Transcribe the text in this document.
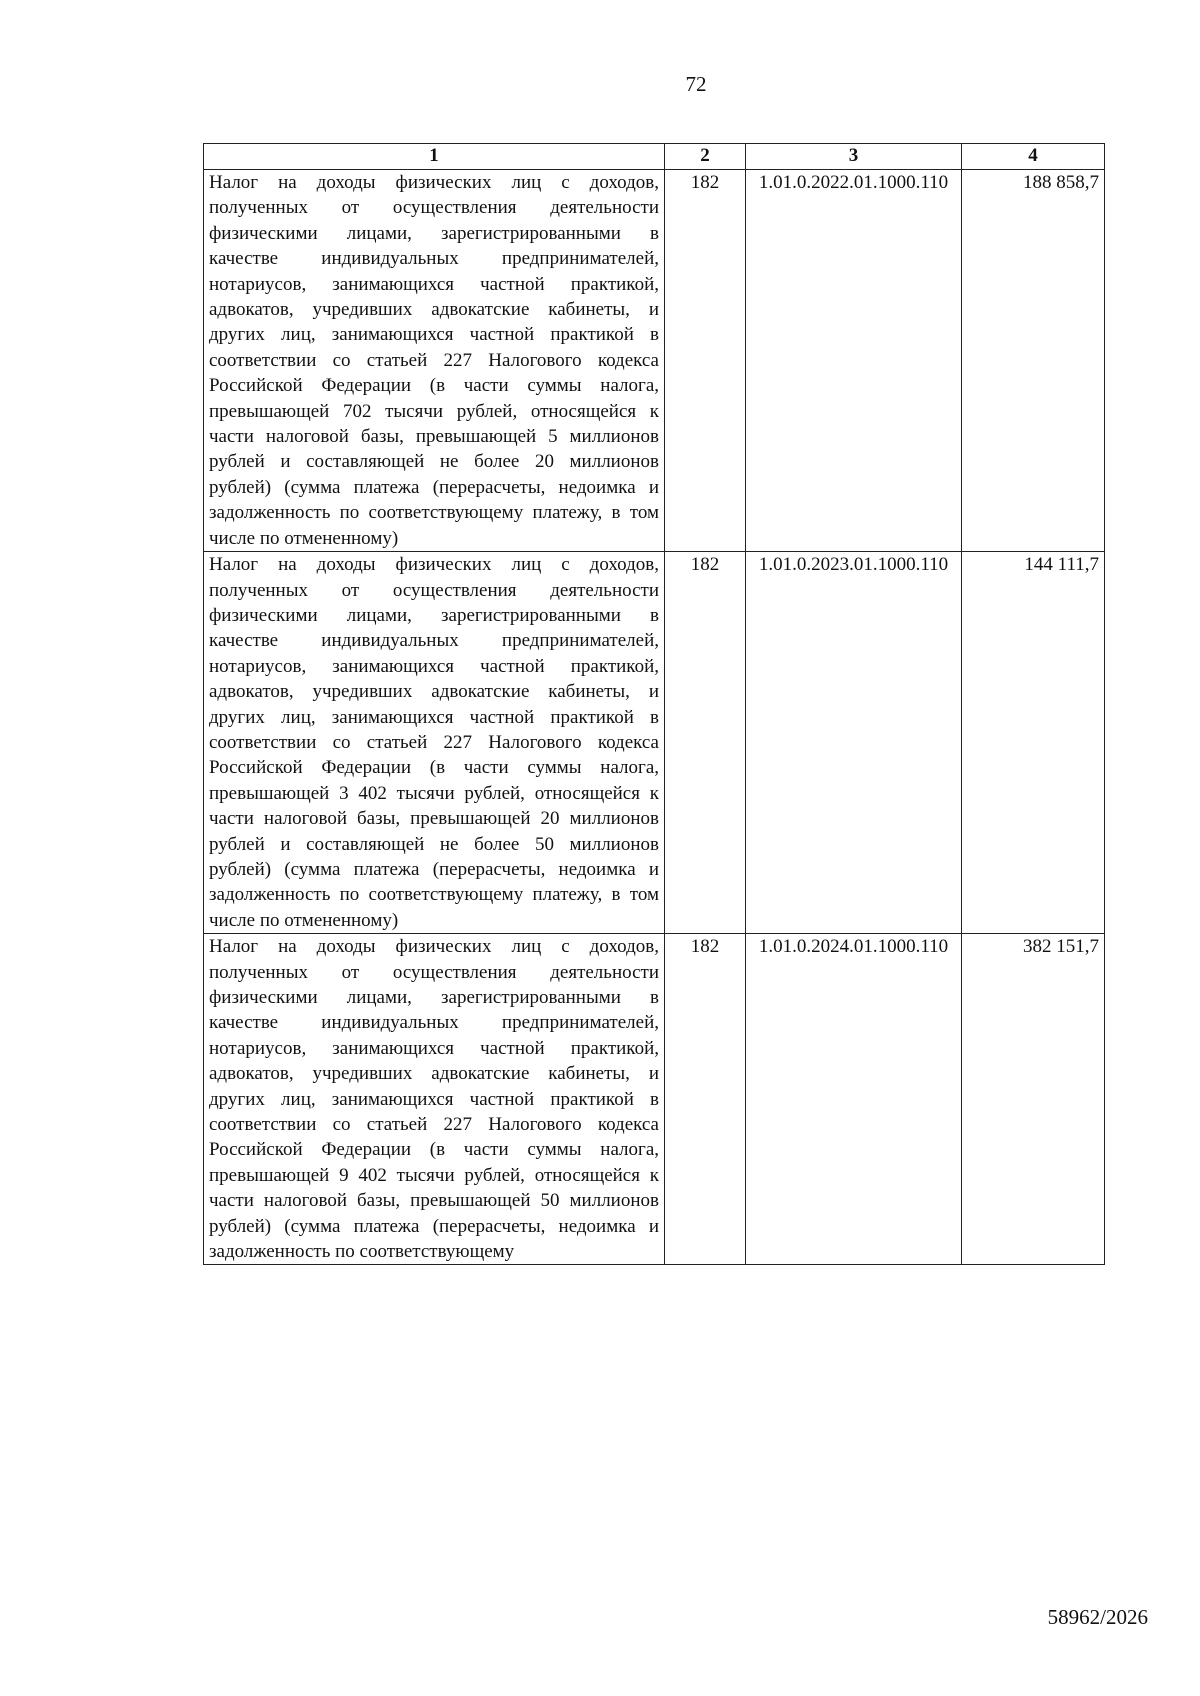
72
1	2	3	4
Налог на доходы физических лиц с доходов, полученных от осуществления деятельности физическими лицами, зарегистрированными в качестве индивидуальных предпринимателей, нотариусов, занимающихся частной практикой, адвокатов, учредивших адвокатские кабинеты, и других лиц, занимающихся частной практикой в соответствии со статьей 227 Налогового кодекса Российской Федерации (в части суммы налога, превышающей 702 тысячи рублей, относящейся к части налоговой базы, превышающей 5 миллионов рублей и составляющей не более 20 миллионов рублей) (сумма платежа (перерасчеты, недоимка и задолженность по соответствующему платежу, в том числе по отмененному)	182	1.01.0.2022.01.1000.110	188 858,7
Налог на доходы физических лиц с доходов, полученных от осуществления деятельности физическими лицами, зарегистрированными в качестве индивидуальных предпринимателей, нотариусов, занимающихся частной практикой, адвокатов, учредивших адвокатские кабинеты, и других лиц, занимающихся частной практикой в соответствии со статьей 227 Налогового кодекса Российской Федерации (в части суммы налога, превышающей 3 402 тысячи рублей, относящейся к части налоговой базы, превышающей 20 миллионов рублей и составляющей не более 50 миллионов рублей) (сумма платежа (перерасчеты, недоимка и задолженность по соответствующему платежу, в том числе по отмененному)	182	1.01.0.2023.01.1000.110	144 111,7
Налог на доходы физических лиц с доходов, полученных от осуществления деятельности физическими лицами, зарегистрированными в качестве индивидуальных предпринимателей, нотариусов, занимающихся частной практикой, адвокатов, учредивших адвокатские кабинеты, и других лиц, занимающихся частной практикой в соответствии со статьей 227 Налогового кодекса Российской Федерации (в части суммы налога, превышающей 9 402 тысячи рублей, относящейся к части налоговой базы, превышающей 50 миллионов рублей) (сумма платежа (перерасчеты, недоимка и задолженность по соответствующему	182	1.01.0.2024.01.1000.110	382 151,7
58962/2026
